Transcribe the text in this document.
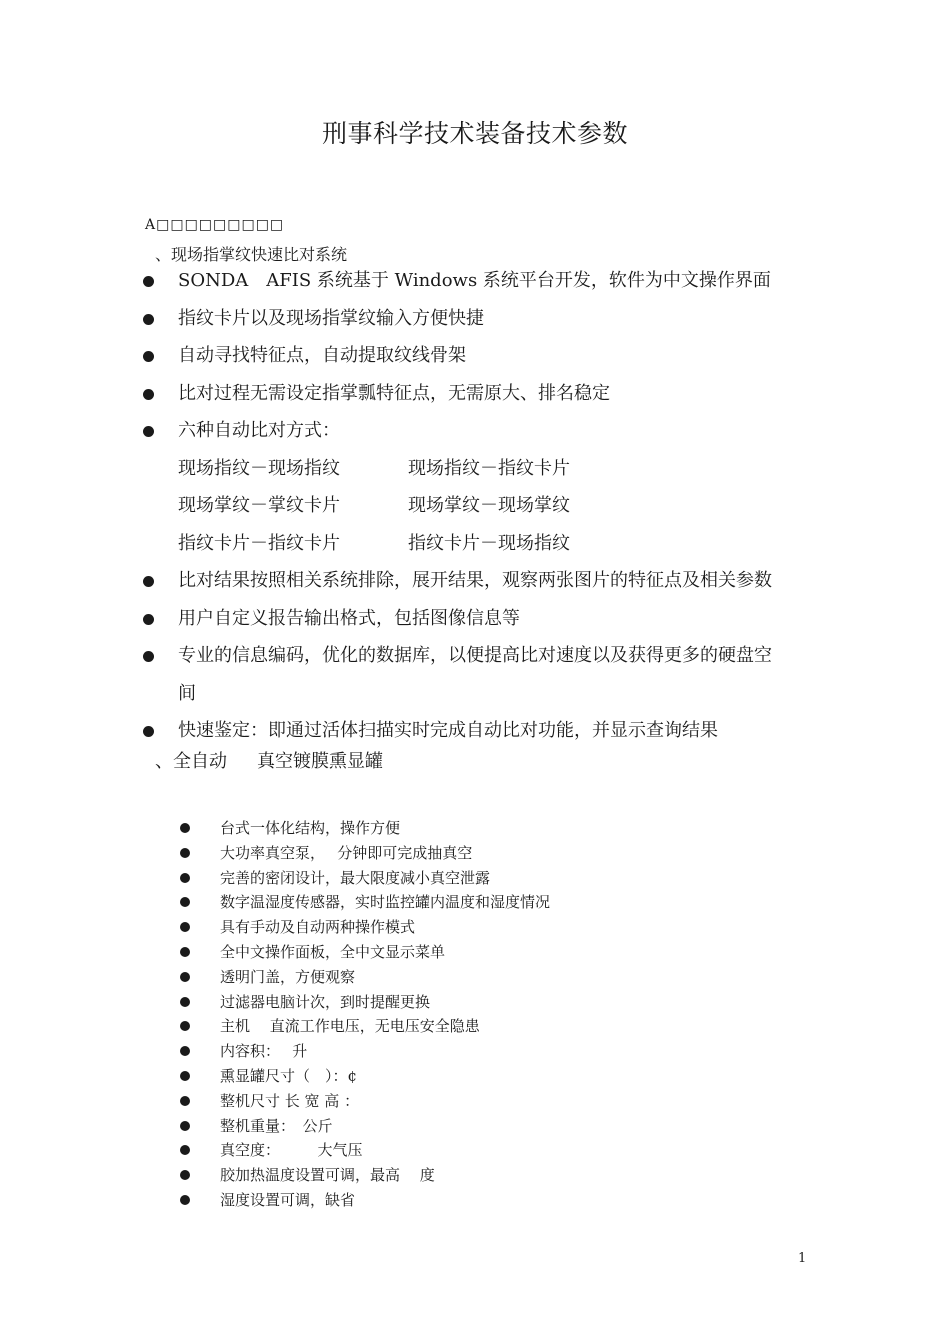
刑事科学技术装备技术参数
A□□□□□□□□□
、现场指掌纹快速比对系统
SONDA　AFIS 系统基于 Windows 系统平台开发，软件为中文操作界面
指纹卡片以及现场指掌纹输入方便快捷
自动寻找特征点，自动提取纹线骨架
比对过程无需设定指掌瓢特征点，无需原大、排名稳定
六种自动比对方式：
现场指纹－现场指纹	现场指纹－指纹卡片
现场掌纹－掌纹卡片	现场掌纹－现场掌纹
指纹卡片－指纹卡片	指纹卡片－现场指纹
比对结果按照相关系统排除，展开结果，观察两张图片的特征点及相关参数
用户自定义报告输出格式，包括图像信息等
专业的信息编码，优化的数据库，以便提高比对速度以及获得更多的硬盘空
间
快速鉴定：即通过活体扫描实时完成自动比对功能，并显示查询结果
、全自动 真空镀膜熏显罐
台式一体化结构，操作方便
大功率真空泵，　 分钟即可完成抽真空
完善的密闭设计，最大限度减小真空泄露
数字温湿度传感器，实时监控罐内温度和湿度情况
具有手动及自动两种操作模式
全中文操作面板，全中文显示菜单
透明门盖，方便观察
过滤器电脑计次，到时提醒更换
主机　 直流工作电压，无电压安全隐患
内容积：　 升
熏显罐尺寸（　）：¢
整机尺寸 长 宽 高 ：
整机重量：　公斤
真空度：　　　大气压
胶加热温度设置可调，最高　 度
湿度设置可调，缺省
1
